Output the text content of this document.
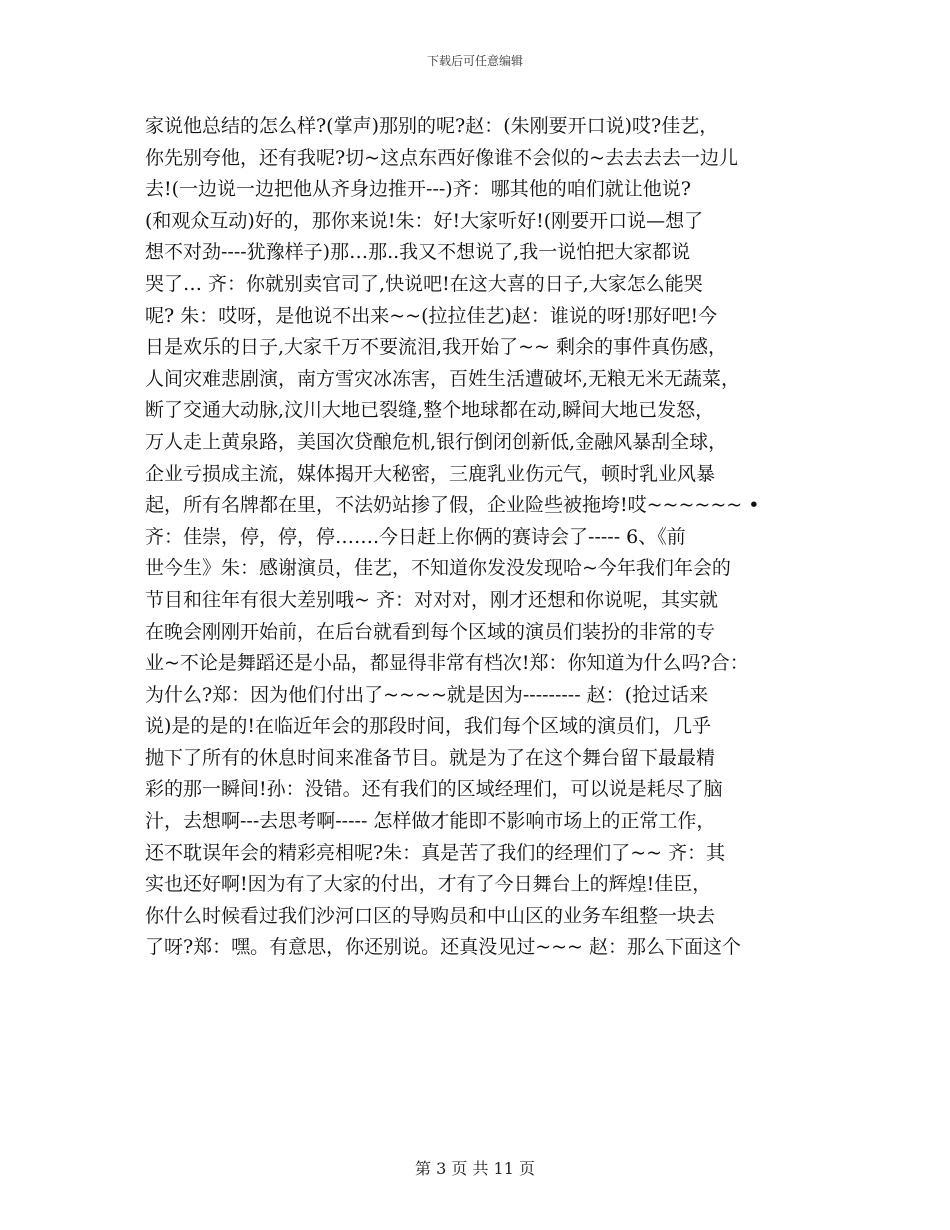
下载后可任意编辑
家说他总结的怎么样?(掌声)那别的呢?赵：(朱刚要开口说)哎?佳艺，
你先别夸他，还有我呢?切~这点东西好像谁不会似的~去去去去一边儿
去!(一边说一边把他从齐身边推开---)齐：哪其他的咱们就让他说?
(和观众互动)好的，那你来说!朱：好!大家听好!(刚要开口说—想了
想不对劲----犹豫样子)那…那..我又不想说了,我一说怕把大家都说
哭了… 齐：你就别卖官司了,快说吧!在这大喜的日子,大家怎么能哭
呢? 朱：哎呀，是他说不出来~~(拉拉佳艺)赵：谁说的呀!那好吧!今
日是欢乐的日子,大家千万不要流泪,我开始了~~ 剩余的事件真伤感，
人间灾难悲剧演，南方雪灾冰冻害，百姓生活遭破坏,无粮无米无蔬菜，
断了交通大动脉,汶川大地已裂缝,整个地球都在动,瞬间大地已发怒，
万人走上黄泉路，美国次贷酿危机,银行倒闭创新低,金融风暴刮全球，
企业亏损成主流，媒体揭开大秘密，三鹿乳业伤元气，顿时乳业风暴
起，所有名牌都在里，不法奶站掺了假，企业险些被拖垮!哎~~~~~~ •
齐：佳崇，停，停，停…….今日赶上你俩的赛诗会了----- 6、《前
世今生》朱：感谢演员，佳艺，不知道你发没发现哈~今年我们年会的
节目和往年有很大差别哦~ 齐：对对对，刚才还想和你说呢，其实就
在晚会刚刚开始前，在后台就看到每个区域的演员们装扮的非常的专
业~不论是舞蹈还是小品，都显得非常有档次!郑：你知道为什么吗?合：
为什么?郑：因为他们付出了~~~~就是因为--------- 赵：(抢过话来
说)是的是的!在临近年会的那段时间，我们每个区域的演员们，几乎
抛下了所有的休息时间来准备节目。就是为了在这个舞台留下最最精
彩的那一瞬间!孙：没错。还有我们的区域经理们，可以说是耗尽了脑
汁，去想啊---去思考啊----- 怎样做才能即不影响市场上的正常工作，
还不耽误年会的精彩亮相呢?朱：真是苦了我们的经理们了~~ 齐：其
实也还好啊!因为有了大家的付出，才有了今日舞台上的辉煌!佳臣，
你什么时候看过我们沙河口区的导购员和中山区的业务车组整一块去
了呀?郑：嘿。有意思，你还别说。还真没见过~~~ 赵：那么下面这个
第 3 页 共 11 页
